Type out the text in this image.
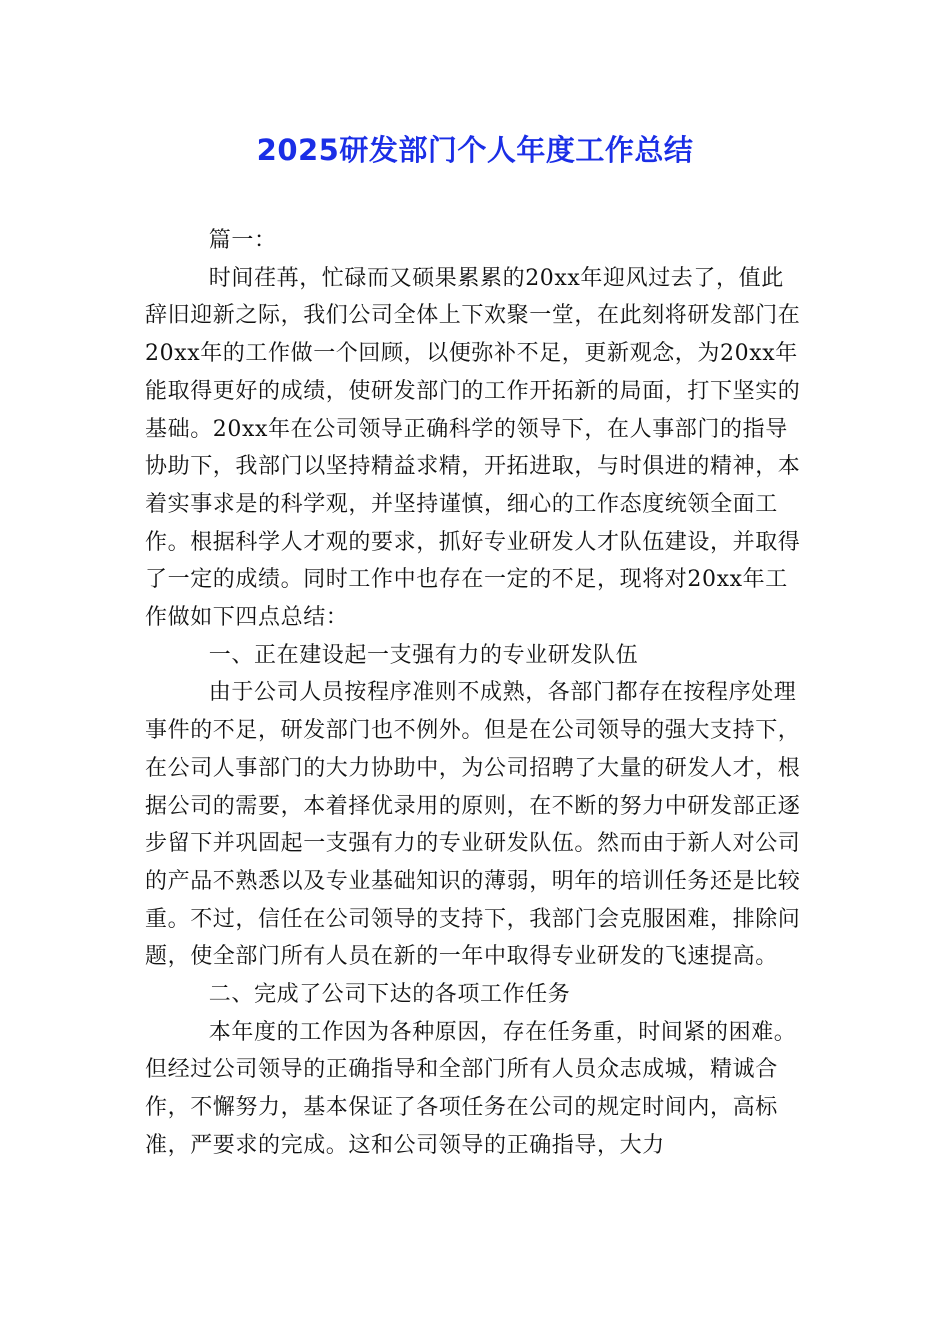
2025研发部门个人年度工作总结

篇一：

时间荏苒，忙碌而又硕果累累的20xx年迎风过去了，值此辞旧迎新之际，我们公司全体上下欢聚一堂，在此刻将研发部门在20xx年的工作做一个回顾，以便弥补不足，更新观念，为20xx年能取得更好的成绩，使研发部门的工作开拓新的局面，打下坚实的基础。20xx年在公司领导正确科学的领导下，在人事部门的指导协助下，我部门以坚持精益求精，开拓进取，与时俱进的精神，本着实事求是的科学观，并坚持谨慎，细心的工作态度统领全面工作。根据科学人才观的要求，抓好专业研发人才队伍建设，并取得了一定的成绩。同时工作中也存在一定的不足，现将对20xx年工作做如下四点总结：

一、正在建设起一支强有力的专业研发队伍

由于公司人员按程序准则不成熟，各部门都存在按程序处理事件的不足，研发部门也不例外。但是在公司领导的强大支持下，在公司人事部门的大力协助中，为公司招聘了大量的研发人才，根据公司的需要，本着择优录用的原则，在不断的努力中研发部正逐步留下并巩固起一支强有力的专业研发队伍。然而由于新人对公司的产品不熟悉以及专业基础知识的薄弱，明年的培训任务还是比较重。不过，信任在公司领导的支持下，我部门会克服困难，排除问题，使全部门所有人员在新的一年中取得专业研发的飞速提高。

二、完成了公司下达的各项工作任务

本年度的工作因为各种原因，存在任务重，时间紧的困难。但经过公司领导的正确指导和全部门所有人员众志成城，精诚合作，不懈努力，基本保证了各项任务在公司的规定时间内，高标准，严要求的完成。这和公司领导的正确指导，大力
